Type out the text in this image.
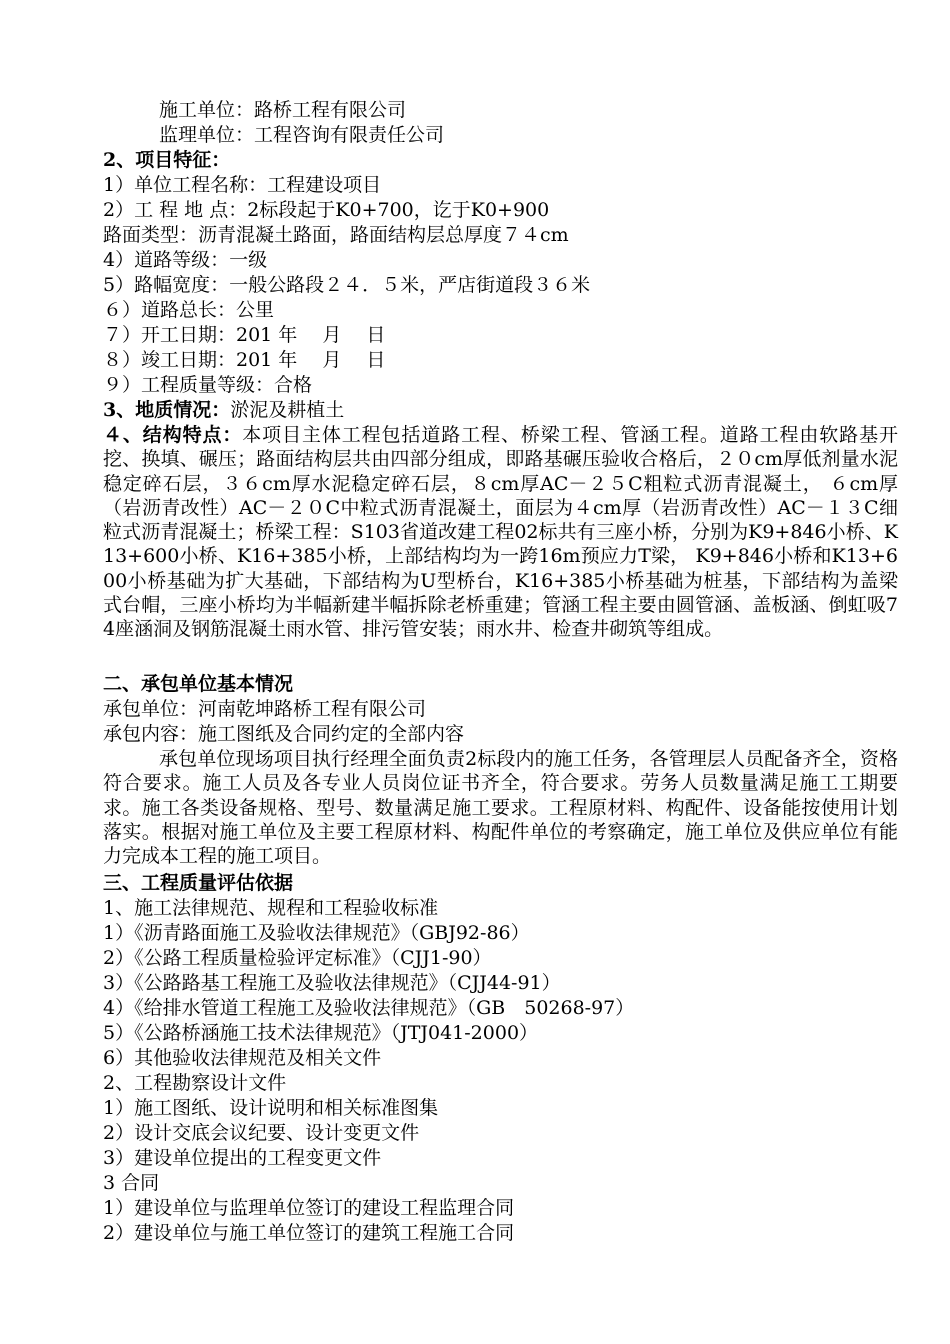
施工单位：路桥工程有限公司
监理单位：工程咨询有限责任公司
2、项目特征：
1）单位工程名称：工程建设项目
2）工 程 地 点：2标段起于K0+700，讫于K0+900
路面类型：沥青混凝土路面，路面结构层总厚度７４cm
4）道路等级：一级
5）路幅宽度：一般公路段２４．５米，严店街道段３６米
６）道路总长：公里
７）开工日期：201 年　 月　 日
８）竣工日期：201 年　 月　 日
９）工程质量等级：合格
3、地质情况：淤泥及耕植土
４、结构特点：本项目主体工程包括道路工程、桥梁工程、管涵工程。道路工程由软路基开挖、换填、碾压；路面结构层共由四部分组成，即路基碾压验收合格后，２０cm厚低剂量水泥稳定碎石层，３６cm厚水泥稳定碎石层，８cm厚AC－２５C粗粒式沥青混凝土， ６cm厚（岩沥青改性）AC－２０C中粒式沥青混凝土，面层为４cm厚（岩沥青改性）AC－１３C细粒式沥青混凝土；桥梁工程：S103省道改建工程02标共有三座小桥，分别为K9+846小桥、K13+600小桥、K16+385小桥，上部结构均为一跨16m预应力T梁， K9+846小桥和K13+600小桥基础为扩大基础，下部结构为U型桥台，K16+385小桥基础为桩基，下部结构为盖梁式台帽，三座小桥均为半幅新建半幅拆除老桥重建；管涵工程主要由圆管涵、盖板涵、倒虹吸74座涵洞及钢筋混凝土雨水管、排污管安装；雨水井、检查井砌筑等组成。
二、承包单位基本情况
承包单位：河南乾坤路桥工程有限公司
承包内容：施工图纸及合同约定的全部内容
承包单位现场项目执行经理全面负责2标段内的施工任务，各管理层人员配备齐全，资格符合要求。施工人员及各专业人员岗位证书齐全，符合要求。劳务人员数量满足施工工期要求。施工各类设备规格、型号、数量满足施工要求。工程原材料、构配件、设备能按使用计划落实。根据对施工单位及主要工程原材料、构配件单位的考察确定，施工单位及供应单位有能力完成本工程的施工项目。
三、工程质量评估依据
1、施工法律规范、规程和工程验收标准
1）《沥青路面施工及验收法律规范》（GBJ92-86）
2）《公路工程质量检验评定标准》（CJJ1-90）
3）《公路路基工程施工及验收法律规范》（CJJ44-91）
4）《给排水管道工程施工及验收法律规范》（GB　50268-97）
5）《公路桥涵施工技术法律规范》（JTJ041-2000）
6）其他验收法律规范及相关文件
2、工程勘察设计文件
1）施工图纸、设计说明和相关标准图集
2）设计交底会议纪要、设计变更文件
3）建设单位提出的工程变更文件
3 合同
1）建设单位与监理单位签订的建设工程监理合同
2）建设单位与施工单位签订的建筑工程施工合同
